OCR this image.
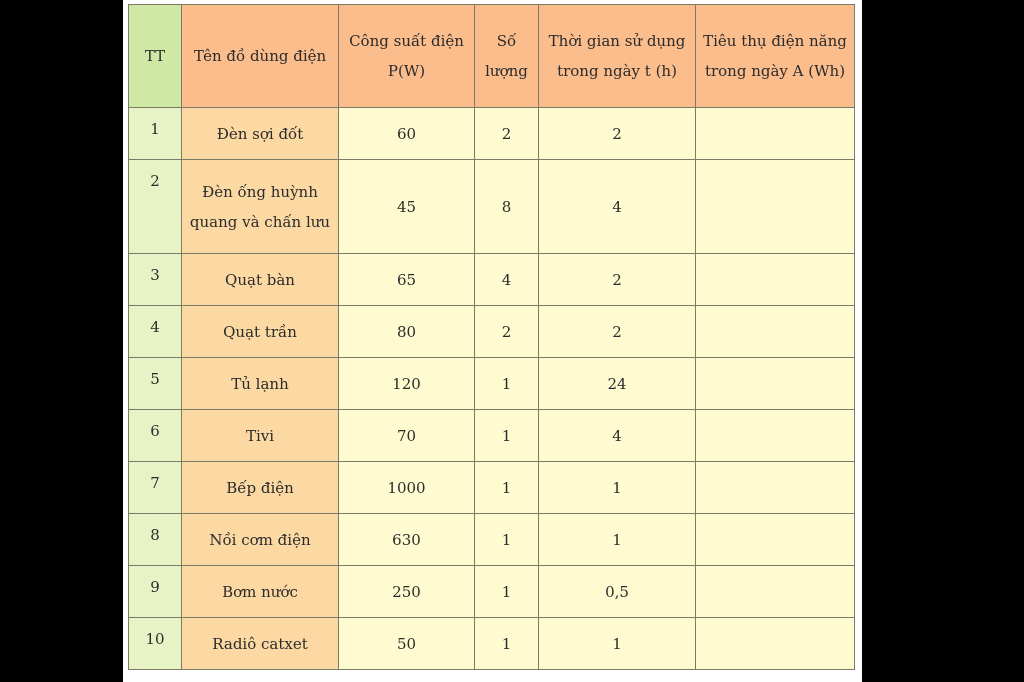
TT	Tên đồ dùng điện	Công suất điện P(W)	Số lượng	Thời gian sử dụng trong ngày t (h)	Tiêu thụ điện năng trong ngày A (Wh)
1	Đèn sợi đốt	60	2	2	
2	Đèn ống huỳnh quang và chấn lưu	45	8	4	
3	Quạt bàn	65	4	2	
4	Quạt trần	80	2	2	
5	Tủ lạnh	120	1	24	
6	Tivi	70	1	4	
7	Bếp điện	1000	1	1	
8	Nồi cơm điện	630	1	1	
9	Bơm nước	250	1	0,5	
10	Radiô catxet	50	1	1	
